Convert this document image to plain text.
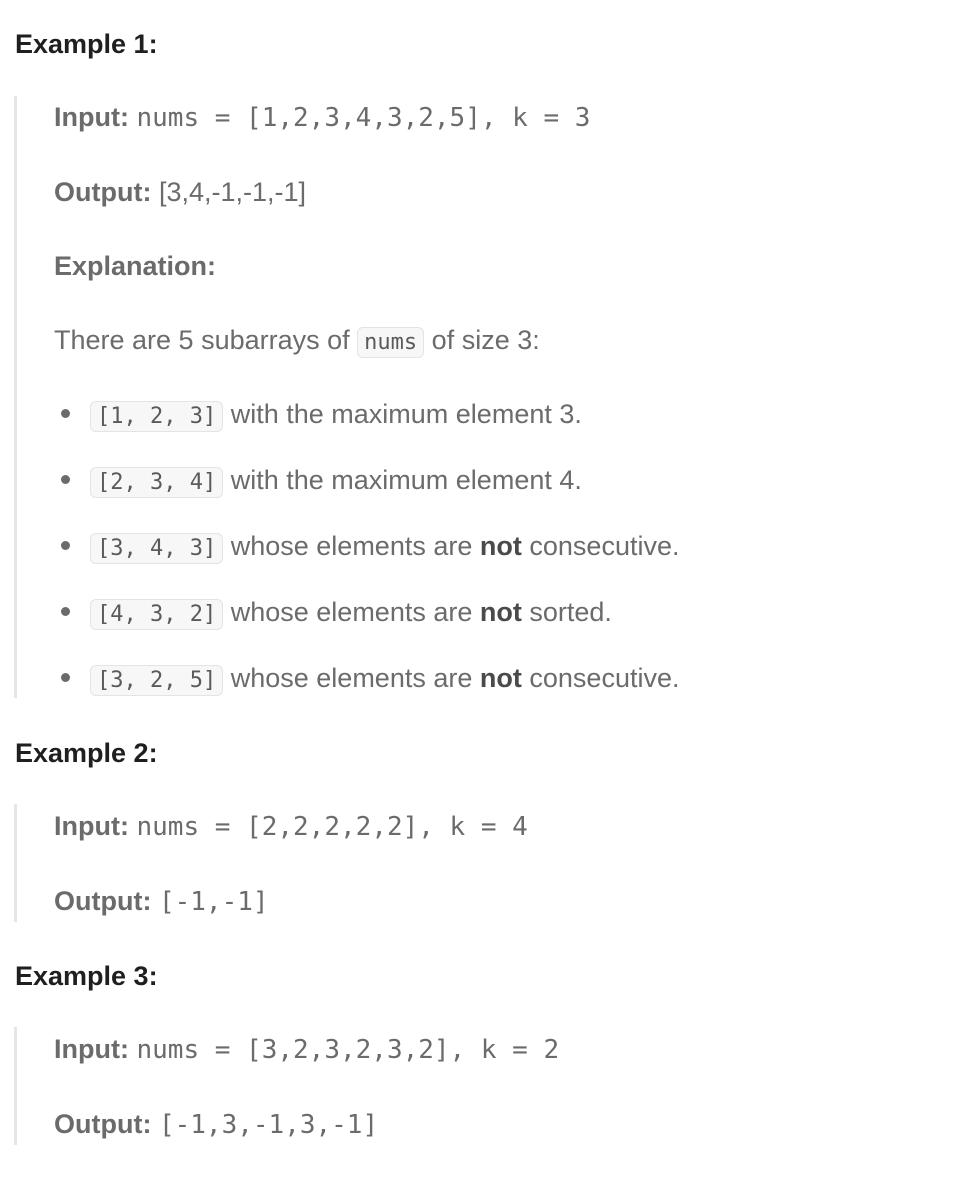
Example 1:
Input: nums = [1,2,3,4,3,2,5], k = 3
Output: [3,4,-1,-1,-1]
Explanation:
There are 5 subarrays of nums of size 3:
[1, 2, 3] with the maximum element 3.
[2, 3, 4] with the maximum element 4.
[3, 4, 3] whose elements are not consecutive.
[4, 3, 2] whose elements are not sorted.
[3, 2, 5] whose elements are not consecutive.
Example 2:
Input: nums = [2,2,2,2,2], k = 4
Output: [-1,-1]
Example 3:
Input: nums = [3,2,3,2,3,2], k = 2
Output: [-1,3,-1,3,-1]
